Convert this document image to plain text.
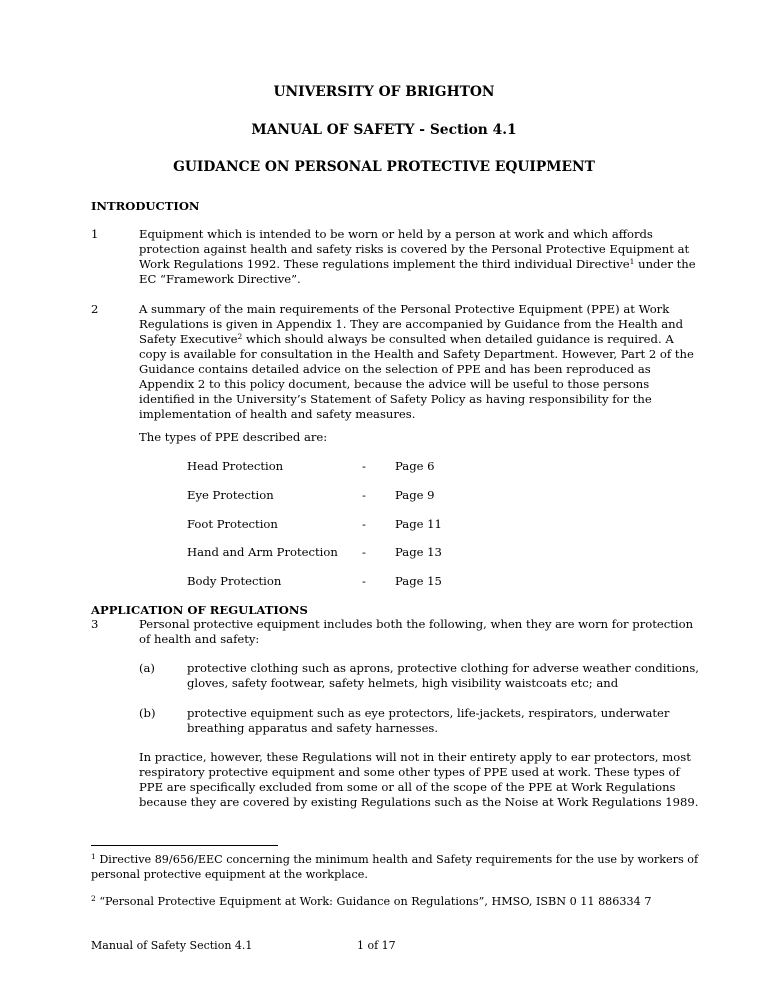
UNIVERSITY OF BRIGHTON
MANUAL OF SAFETY - Section 4.1
GUIDANCE ON PERSONAL PROTECTIVE EQUIPMENT
INTRODUCTION
1	Equipment which is intended to be worn or held by a person at work and which affords protection against health and safety risks is covered by the Personal Protective Equipment at Work Regulations 1992. These regulations implement the third individual Directive$^1$ under the EC “Framework Directive”.
2	A summary of the main requirements of the Personal Protective Equipment (PPE) at Work Regulations is given in Appendix 1. They are accompanied by Guidance from the Health and Safety Executive$^2$ which should always be consulted when detailed guidance is required. A copy is available for consultation in the Health and Safety Department. However, Part 2 of the Guidance contains detailed advice on the selection of PPE and has been reproduced as Appendix 2 to this policy document, because the advice will be useful to those persons identified in the University’s Statement of Safety Policy as having responsibility for the implementation of health and safety measures.
The types of PPE described are:
Head Protection	-	Page 6
Eye Protection	-	Page 9
Foot Protection	-	Page 11
Hand and Arm Protection -	Page 13
Body Protection	-	Page 15
APPLICATION OF REGULATIONS
3	Personal protective equipment includes both the following, when they are worn for protection of health and safety:
(a)	protective clothing such as aprons, protective clothing for adverse weather conditions, gloves, safety footwear, safety helmets, high visibility waistcoats etc; and
(b)	protective equipment such as eye protectors, life-jackets, respirators, underwater breathing apparatus and safety harnesses.
In practice, however, these Regulations will not in their entirety apply to ear protectors, most respiratory protective equipment and some other types of PPE used at work. These types of PPE are specifically excluded from some or all of the scope of the PPE at Work Regulations because they are covered by existing Regulations such as the Noise at Work Regulations 1989.
$^1$ Directive 89/656/EEC concerning the minimum health and Safety requirements for the use by workers of personal protective equipment at the workplace.
$^2$ “Personal Protective Equipment at Work: Guidance on Regulations”, HMSO, ISBN 0 11 886334 7
Manual of Safety Section 4.1	1 of 17
